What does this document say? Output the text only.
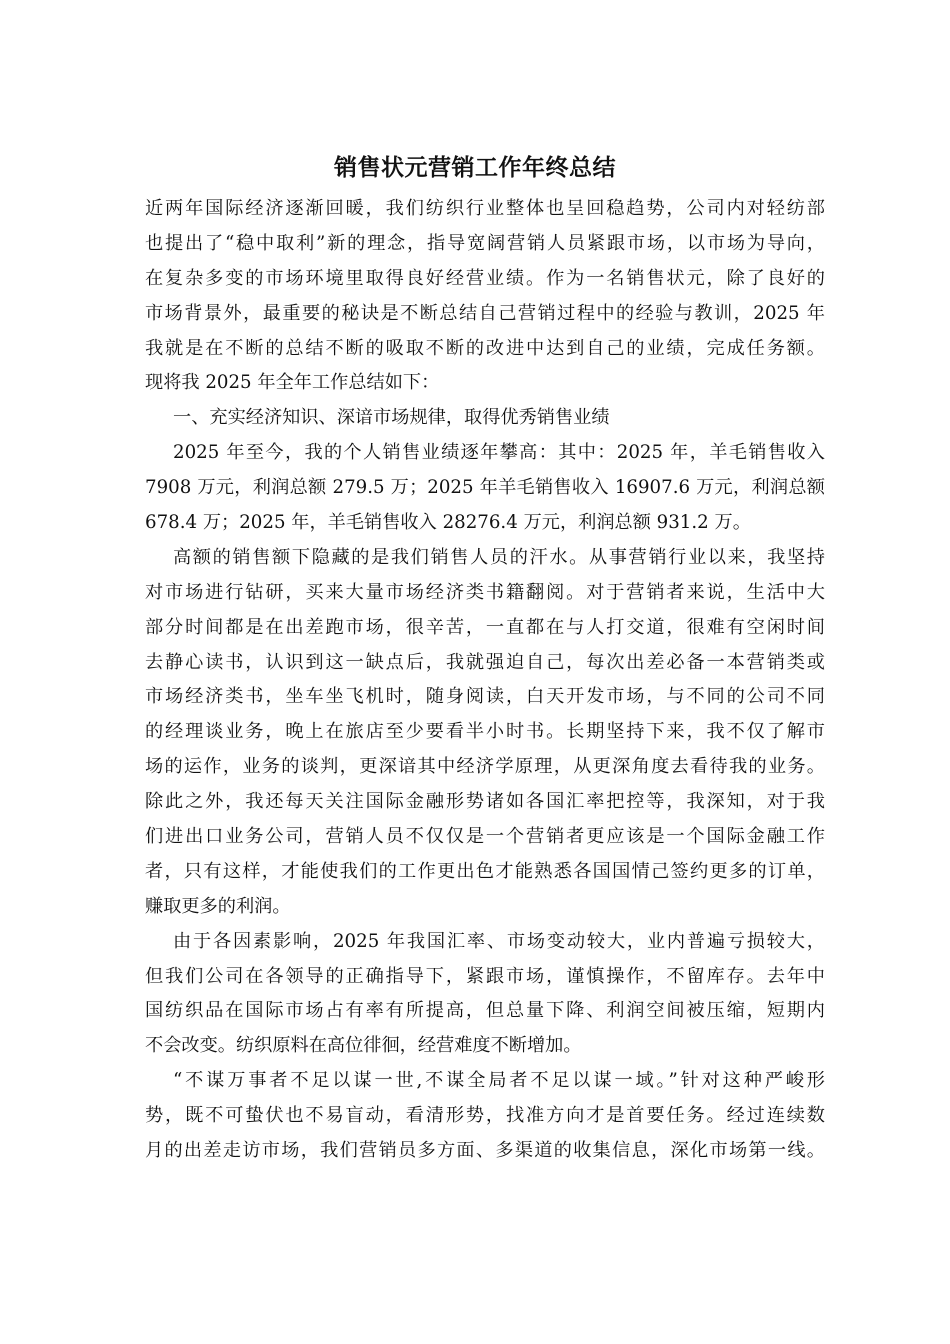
销售状元营销工作年终总结
近两年国际经济逐渐回暖，我们纺织行业整体也呈回稳趋势，公司内对轻纺部
也提出了“稳中取利”新的理念，指导宽阔营销人员紧跟市场，以市场为导向，
在复杂多变的市场环境里取得良好经营业绩。作为一名销售状元，除了良好的
市场背景外，最重要的秘诀是不断总结自己营销过程中的经验与教训，2025 年
我就是在不断的总结不断的吸取不断的改进中达到自己的业绩，完成任务额。
现将我 2025 年全年工作总结如下：
一、充实经济知识、深谙市场规律，取得优秀销售业绩
2025 年至今，我的个人销售业绩逐年攀高：其中：2025 年，羊毛销售收入
7908 万元，利润总额 279.5 万；2025 年羊毛销售收入 16907.6 万元，利润总额
678.4 万；2025 年，羊毛销售收入 28276.4 万元，利润总额 931.2 万。
高额的销售额下隐藏的是我们销售人员的汗水。从事营销行业以来，我坚持
对市场进行钻研，买来大量市场经济类书籍翻阅。对于营销者来说，生活中大
部分时间都是在出差跑市场，很辛苦，一直都在与人打交道，很难有空闲时间
去静心读书，认识到这一缺点后，我就强迫自己，每次出差必备一本营销类或
市场经济类书，坐车坐飞机时，随身阅读，白天开发市场，与不同的公司不同
的经理谈业务，晚上在旅店至少要看半小时书。长期坚持下来，我不仅了解市
场的运作，业务的谈判，更深谙其中经济学原理，从更深角度去看待我的业务。
除此之外，我还每天关注国际金融形势诸如各国汇率把控等，我深知，对于我
们进出口业务公司，营销人员不仅仅是一个营销者更应该是一个国际金融工作
者，只有这样，才能使我们的工作更出色才能熟悉各国国情己签约更多的订单，
赚取更多的利润。
由于各因素影响，2025 年我国汇率、市场变动较大，业内普遍亏损较大，
但我们公司在各领导的正确指导下，紧跟市场，谨慎操作，不留库存。去年中
国纺织品在国际市场占有率有所提高，但总量下降、利润空间被压缩，短期内
不会改变。纺织原料在高位徘徊，经营难度不断增加。
“不谋万事者不足以谋一世,不谋全局者不足以谋一域。”针对这种严峻形
势，既不可蛰伏也不易盲动，看清形势，找准方向才是首要任务。经过连续数
月的出差走访市场，我们营销员多方面、多渠道的收集信息，深化市场第一线。
